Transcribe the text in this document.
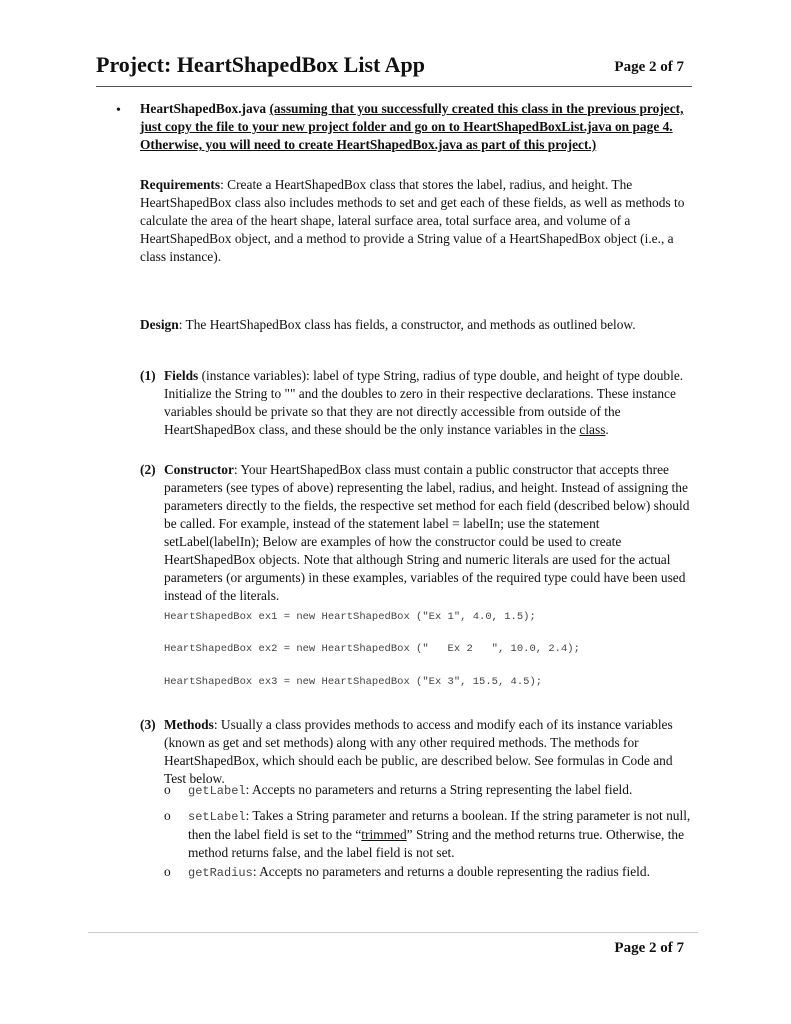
Project: HeartShapedBox List App	Page 2 of 7
• HeartShapedBox.java (assuming that you successfully created this class in the previous project, just copy the file to your new project folder and go on to HeartShapedBoxList.java on page 4. Otherwise, you will need to create HeartShapedBox.java as part of this project.)
Requirements: Create a HeartShapedBox class that stores the label, radius, and height. The HeartShapedBox class also includes methods to set and get each of these fields, as well as methods to calculate the area of the heart shape, lateral surface area, total surface area, and volume of a HeartShapedBox object, and a method to provide a String value of a HeartShapedBox object (i.e., a class instance).
Design: The HeartShapedBox class has fields, a constructor, and methods as outlined below.
(1) Fields (instance variables): label of type String, radius of type double, and height of type double. Initialize the String to "" and the doubles to zero in their respective declarations. These instance variables should be private so that they are not directly accessible from outside of the HeartShapedBox class, and these should be the only instance variables in the class.
(2) Constructor: Your HeartShapedBox class must contain a public constructor that accepts three parameters (see types of above) representing the label, radius, and height. Instead of assigning the parameters directly to the fields, the respective set method for each field (described below) should be called. For example, instead of the statement label = labelIn; use the statement setLabel(labelIn); Below are examples of how the constructor could be used to create HeartShapedBox objects. Note that although String and numeric literals are used for the actual parameters (or arguments) in these examples, variables of the required type could have been used instead of the literals.
HeartShapedBox ex1 = new HeartShapedBox ("Ex 1", 4.0, 1.5);
HeartShapedBox ex2 = new HeartShapedBox ("   Ex 2   ", 10.0, 2.4);
HeartShapedBox ex3 = new HeartShapedBox ("Ex 3", 15.5, 4.5);
(3) Methods: Usually a class provides methods to access and modify each of its instance variables (known as get and set methods) along with any other required methods. The methods for HeartShapedBox, which should each be public, are described below. See formulas in Code and Test below.
o getLabel: Accepts no parameters and returns a String representing the label field.
o setLabel: Takes a String parameter and returns a boolean. If the string parameter is not null, then the label field is set to the “trimmed” String and the method returns true. Otherwise, the method returns false, and the label field is not set.
o getRadius: Accepts no parameters and returns a double representing the radius field.
Page 2 of 7
